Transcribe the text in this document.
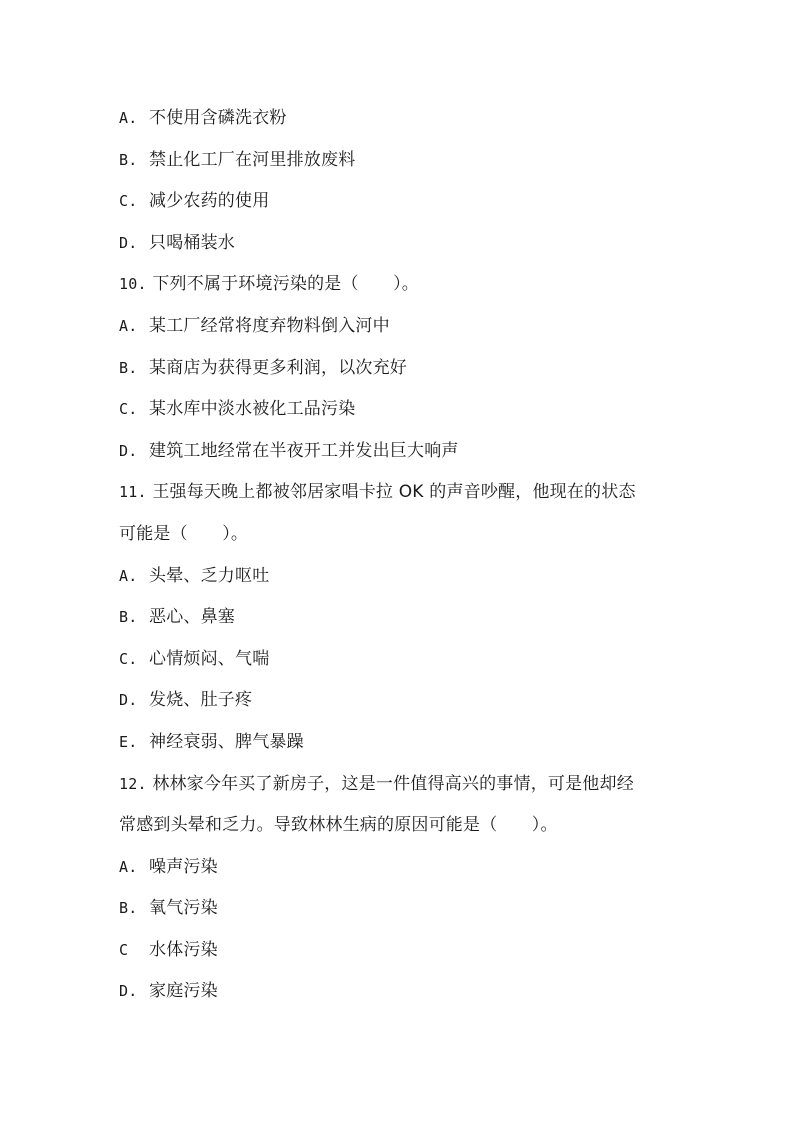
A. 不使用含磷洗衣粉
B. 禁止化工厂在河里排放废料
C. 减少农药的使用
D. 只喝桶装水
10. 下列不属于环境污染的是（　　）。
A. 某工厂经常将度弃物料倒入河中
B. 某商店为获得更多利润，以次充好
C. 某水库中淡水被化工品污染
D. 建筑工地经常在半夜开工并发出巨大响声
11. 王强每天晚上都被邻居家唱卡拉 OK 的声音吵醒，他现在的状态
可能是（　　）。
A. 头晕、乏力呕吐
B. 恶心、鼻塞
C. 心情烦闷、气喘
D. 发烧、肚子疼
E. 神经衰弱、脾气暴躁
12. 林林家今年买了新房子，这是一件值得高兴的事情，可是他却经
常感到头晕和乏力。导致林林生病的原因可能是（　　）。
A. 噪声污染
B. 氧气污染
C 水体污染
D. 家庭污染
